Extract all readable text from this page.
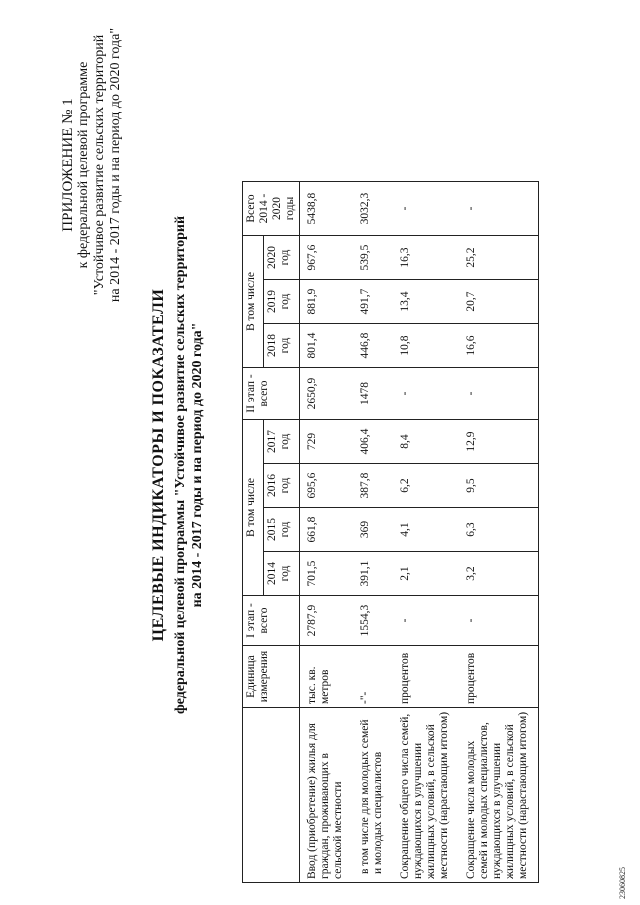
ПРИЛОЖЕНИЕ № 1 к федеральной целевой программе "Устойчивое развитие сельских территорий на 2014 - 2017 годы и на период до 2020 года"
ЦЕЛЕВЫЕ ИНДИКАТОРЫ И ПОКАЗАТЕЛИ федеральной целевой программы "Устойчивое развитие сельских территорий на 2014 - 2017 годы и на период до 2020 года"
	Единица измерения	I этап - всего	В том числе				II этап - всего	В том числе			Всего 2014 - 2020 годы
			2014 год	2015 год	2016 год	2017 год		2018 год	2019 год	2020 год	
Ввод (приобретение) жилья для граждан, проживающих в сельской местности	тыс. кв. метров	2787,9	701,5	661,8	695,6	729	2650,9	801,4	881,9	967,6	5438,8
в том числе для молодых семей и молодых специалистов	-"-	1554,3	391,1	369	387,8	406,4	1478	446,8	491,7	539,5	3032,3
Сокращение общего числа семей, нуждающихся в улучшении жилищных условий, в сельской местности (нарастающим итогом)	процентов	-	2,1	4,1	6,2	8,4	-	10,8	13,4	16,3	-
Сокращение числа молодых семей и молодых специалистов, нуждающихся в улучшении жилищных условий, в сельской местности (нарастающим итогом)	процентов	-	3,2	6,3	9,5	12,9	-	16,6	20,7	25,2	-
23060825
